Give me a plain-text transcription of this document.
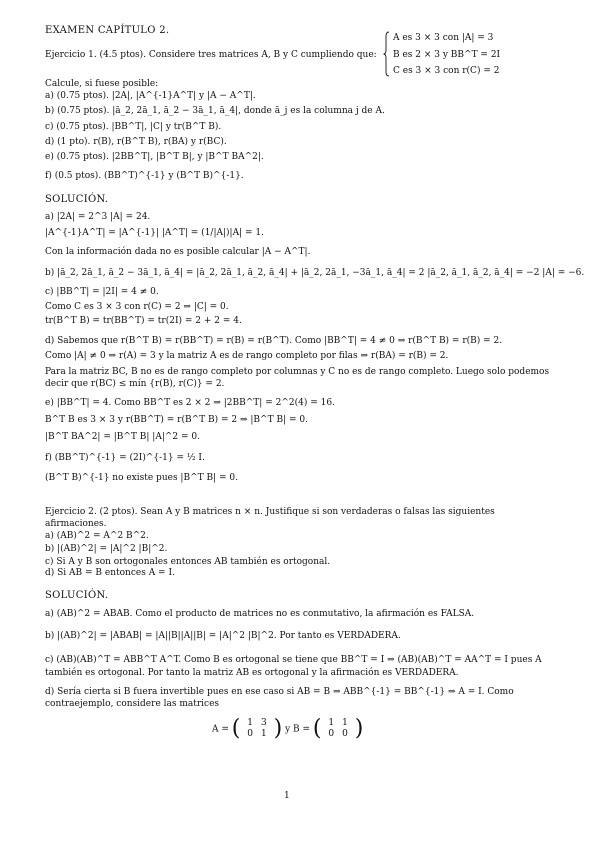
EXAMEN CAPÍTULO 2.
Ejercicio 1. (4.5 ptos). Considere tres matrices A, B y C cumpliendo que:
A es 3 × 3 con |A| = 3
B es 2 × 3 y BB^T = 2I
C es 3 × 3 con r(C) = 2
Calcule, si fuese posible:
a) (0.75 ptos). |2A|, |A^{-1}A^T| y |A − A^T|.
b) (0.75 ptos). |ā_2, 2ā_1, ā_2 − 3ā_1, ā_4|, donde ā_j es la columna j de A.
c) (0.75 ptos). |BB^T|, |C| y tr(B^T B).
d) (1 pto). r(B), r(B^T B), r(BA) y r(BC).
e) (0.75 ptos). |2BB^T|, |B^T B|, y |B^T BA^2|.
f) (0.5 ptos). (BB^T)^{-1} y (B^T B)^{-1}.
SOLUCIÓN.
a) |2A| = 2^3 |A| = 24.
|A^{-1}A^T| = |A^{-1}| |A^T| = (1/|A|)|A| = 1.
Con la información dada no es posible calcular |A − A^T|.
b) |ā_2, 2ā_1, ā_2 − 3ā_1, ā_4| = |ā_2, 2ā_1, ā_2, ā_4| + |ā_2, 2ā_1, −3ā_1, ā_4| = 2 |ā_2, ā_1, ā_2, ā_4| = −2 |A| = −6.
c) |BB^T| = |2I| = 4 ≠ 0.
Como C es 3 × 3 con r(C) = 2 ⇒ |C| = 0.
tr(B^T B) = tr(BB^T) = tr(2I) = 2 + 2 = 4.
d) Sabemos que r(B^T B) = r(BB^T) = r(B) = r(B^T). Como |BB^T| = 4 ≠ 0 ⇒ r(B^T B) = r(B) = 2.
Como |A| ≠ 0 ⇒ r(A) = 3 y la matriz A es de rango completo por filas ⇒ r(BA) = r(B) = 2.
Para la matriz BC, B no es de rango completo por columnas y C no es de rango completo. Luego solo podemos
decir que r(BC) ≤ mín {r(B), r(C)} = 2.
e) |BB^T| = 4. Como BB^T es 2 × 2 ⇒ |2BB^T| = 2^2(4) = 16.
B^T B es 3 × 3 y r(BB^T) = r(B^T B) = 2 ⇒ |B^T B| = 0.
|B^T BA^2| = |B^T B| |A|^2 = 0.
f) (BB^T)^{-1} = (2I)^{-1} = ½ I.
(B^T B)^{-1} no existe pues |B^T B| = 0.
Ejercicio 2. (2 ptos). Sean A y B matrices n × n. Justifique si son verdaderas o falsas las siguientes
afirmaciones.
a) (AB)^2 = A^2 B^2.
b) |(AB)^2| = |A|^2 |B|^2.
c) Si A y B son ortogonales entonces AB también es ortogonal.
d) Si AB = B entonces A = I.
SOLUCIÓN.
a) (AB)^2 = ABAB. Como el producto de matrices no es conmutativo, la afirmación es FALSA.
b) |(AB)^2| = |ABAB| = |A||B||A||B| = |A|^2 |B|^2. Por tanto es VERDADERA.
c) (AB)(AB)^T = ABB^T A^T. Como B es ortogonal se tiene que BB^T = I ⇒ (AB)(AB)^T = AA^T = I pues A
también es ortogonal. Por tanto la matriz AB es ortogonal y la afirmación es VERDADERA.
d) Sería cierta si B fuera invertible pues en ese caso si AB = B ⇒ ABB^{-1} = BB^{-1} ⇒ A = I. Como
contraejemplo, considere las matrices
A = ( 1	3
0	1 ) y B = ( 1	1
0	0 )
1
